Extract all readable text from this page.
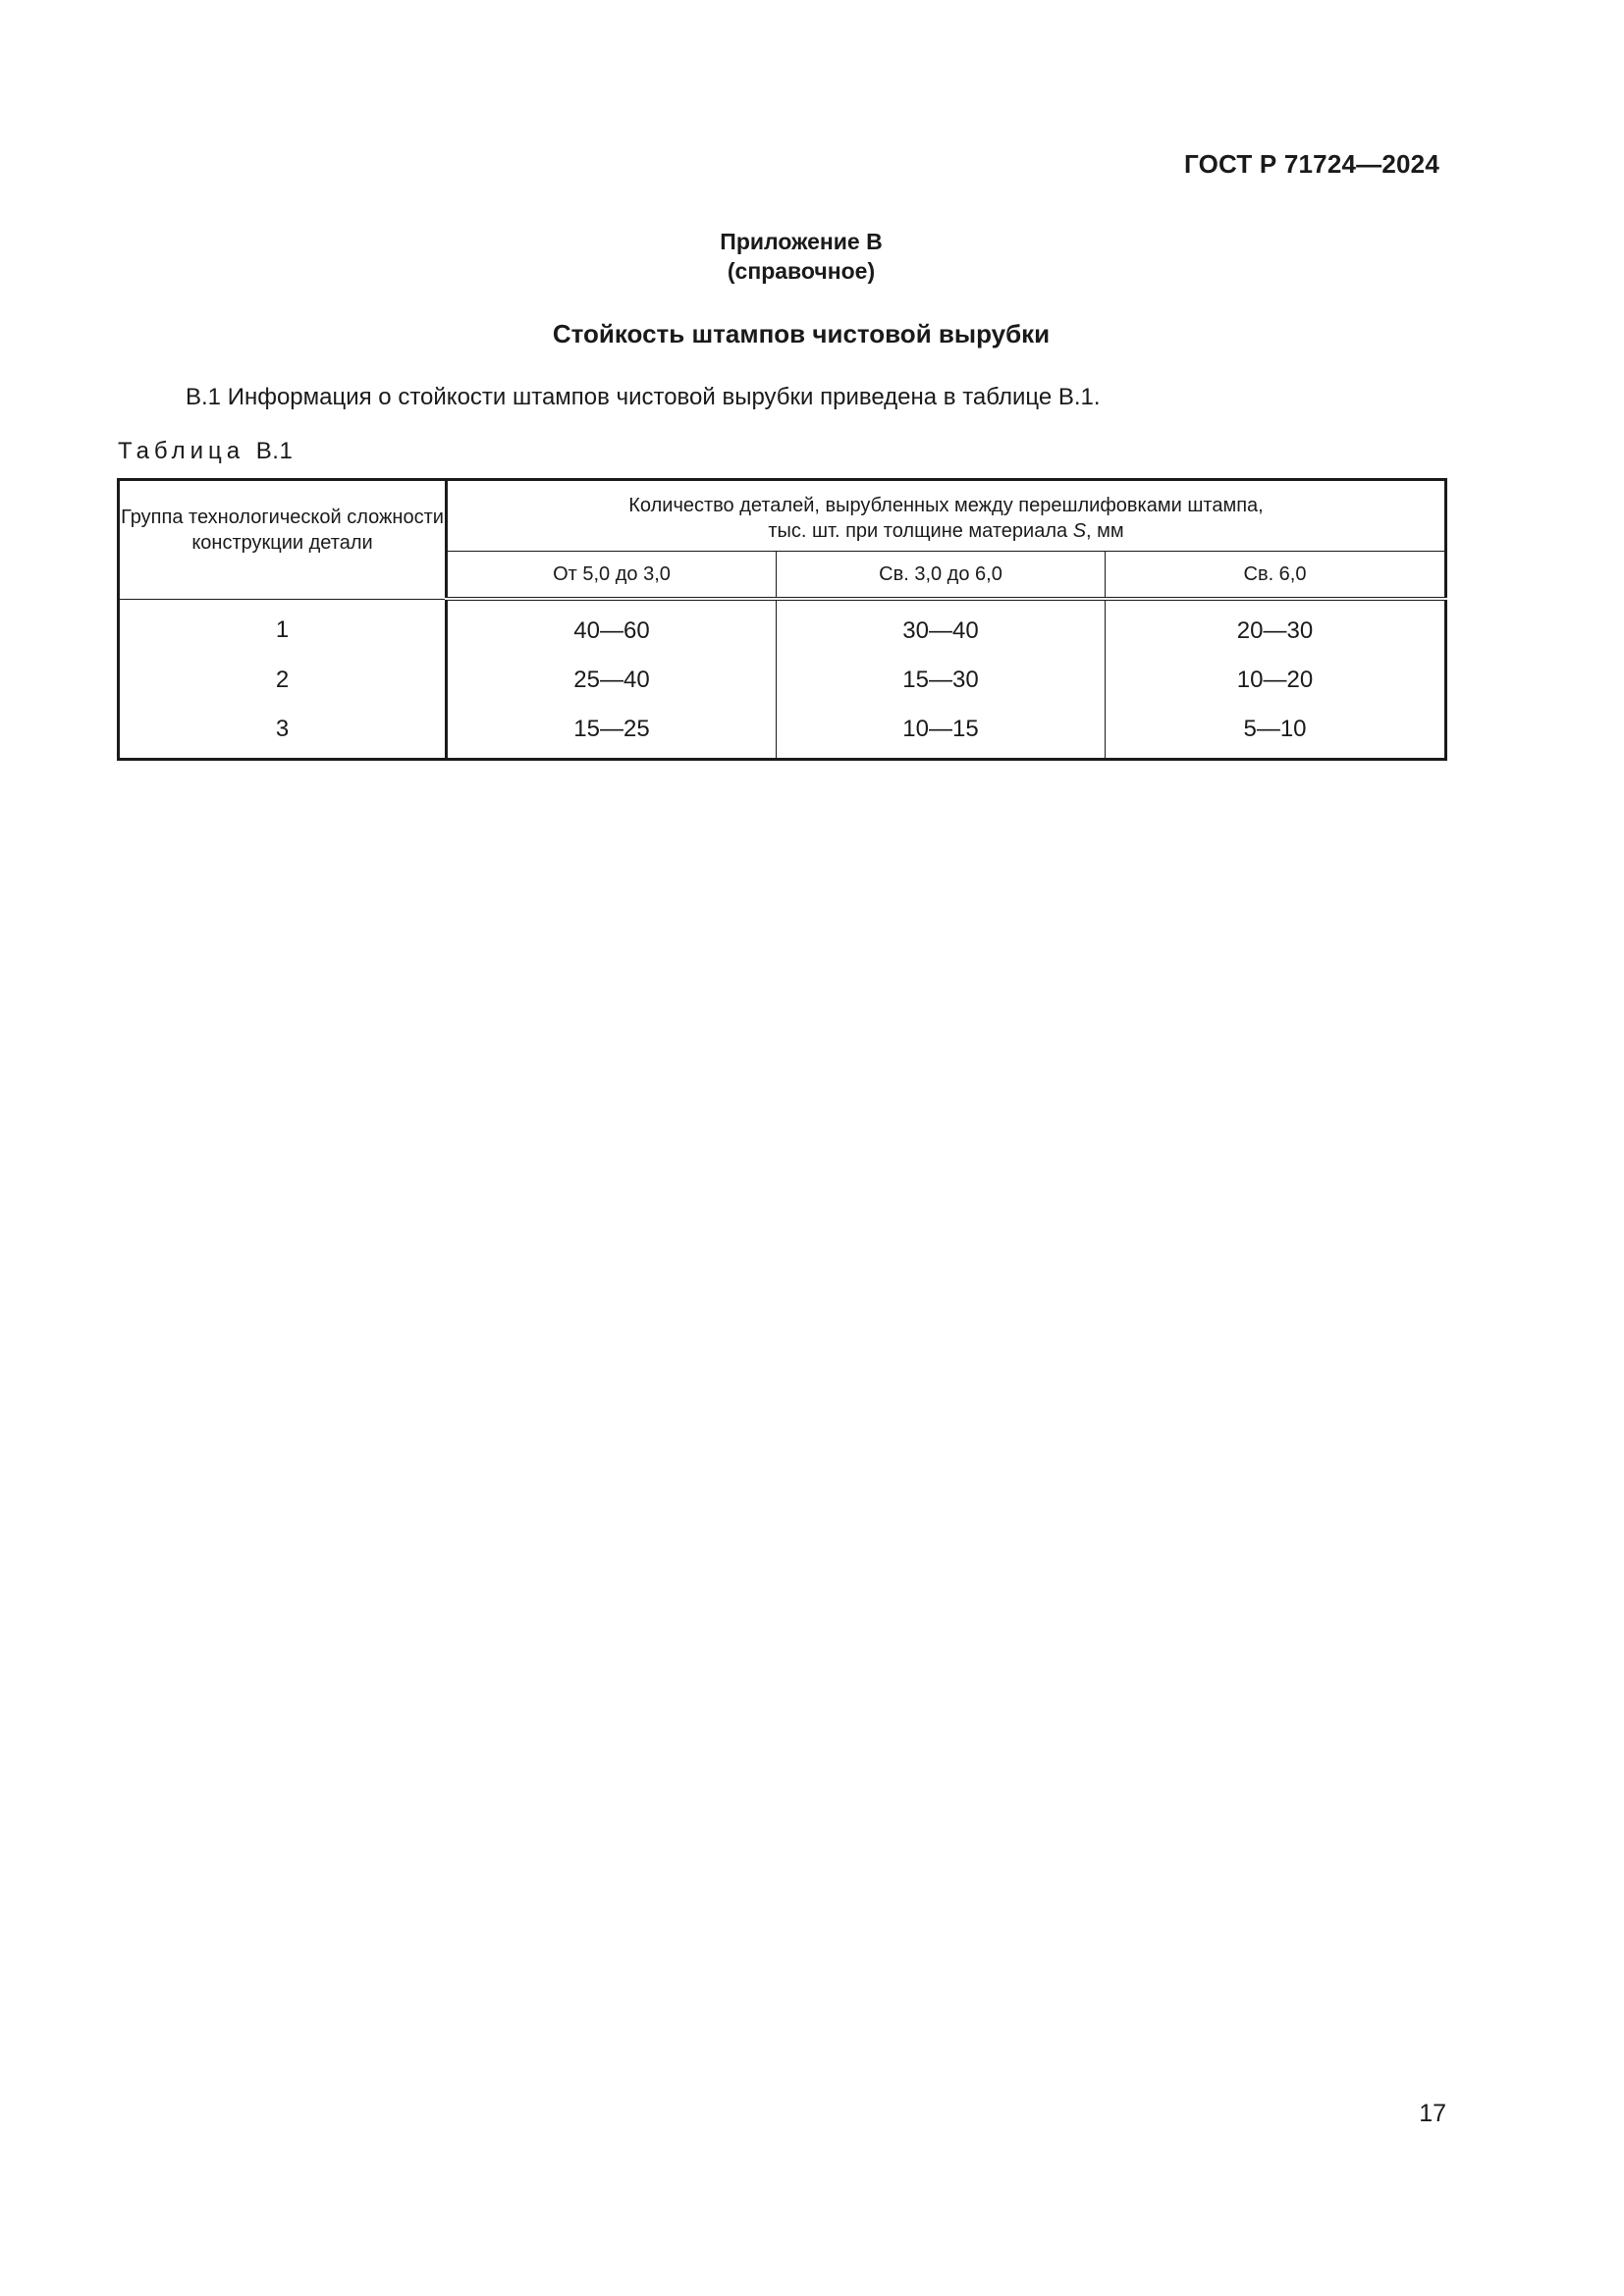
ГОСТ Р 71724—2024
Приложение В
(справочное)
Стойкость штампов чистовой вырубки
В.1 Информация о стойкости штампов чистовой вырубки приведена в таблице В.1.
Таблица В.1
Группа технологической сложности конструкции детали	Количество деталей, вырубленных между перешлифовками штампа,
тыс. шт. при толщине материала S, мм		

	От 5,0 до 3,0	Св. 3,0 до 6,0	Св. 6,0
1	40—60	30—40	20—30
2	25—40	15—30	10—20
3	15—25	10—15	5—10
17
